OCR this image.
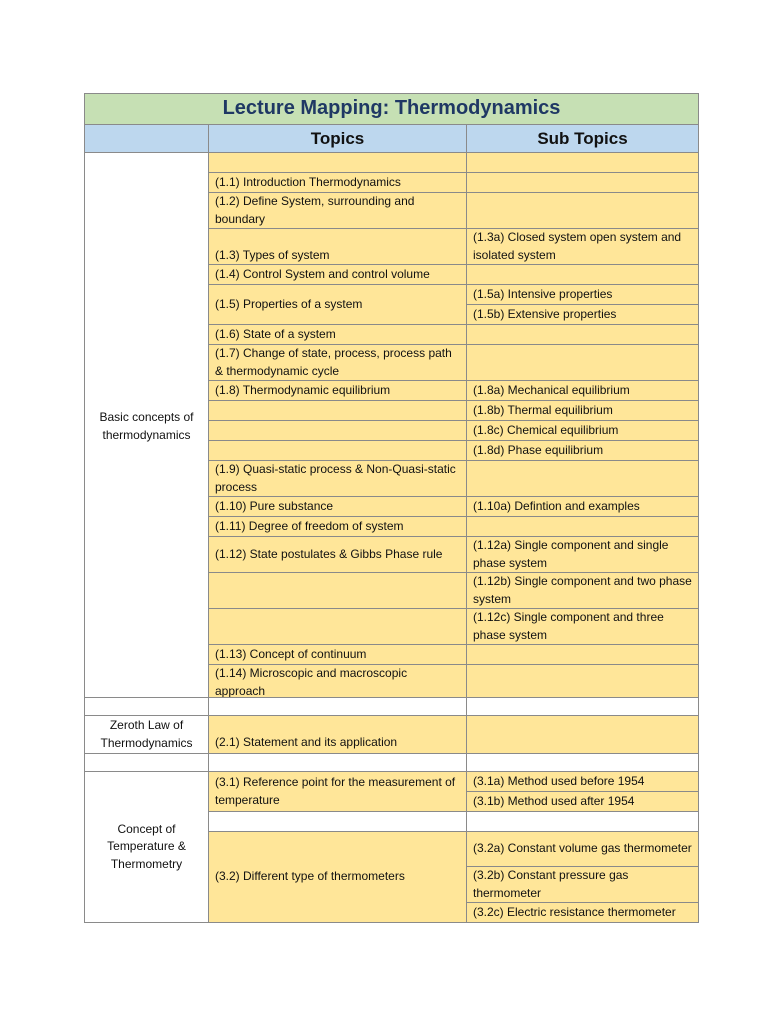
Lecture Mapping: Thermodynamics		
	Topics	Sub Topics
Basic concepts of thermodynamics		
	(1.1) Introduction Thermodynamics	
	(1.2) Define System, surrounding and boundary	
	(1.3) Types of system	(1.3a) Closed system open system and isolated system
	(1.4) Control System and control volume	
	(1.5) Properties of a system	(1.5a) Intensive properties
		(1.5b) Extensive properties
	(1.6) State of a system	
	(1.7) Change of state, process, process path & thermodynamic cycle	
	(1.8) Thermodynamic equilibrium	(1.8a) Mechanical equilibrium
		(1.8b) Thermal equilibrium
		(1.8c) Chemical equilibrium
		(1.8d) Phase equilibrium
	(1.9) Quasi-static process & Non-Quasi-static process	
	(1.10) Pure substance	(1.10a) Defintion and examples
	(1.11) Degree of freedom of system	
	(1.12) State postulates & Gibbs Phase rule	(1.12a) Single component and single phase system
		(1.12b) Single component and two phase system
		(1.12c) Single component and three phase system
	(1.13) Concept of continuum	
	(1.14) Microscopic and macroscopic approach	

Zeroth Law of Thermodynamics	(2.1) Statement and its application	

Concept of Temperature & Thermometry	(3.1) Reference point for the measurement of temperature	(3.1a) Method used before 1954
		(3.1b) Method used after 1954

	(3.2) Different type of thermometers	(3.2a) Constant volume gas thermometer
		(3.2b) Constant pressure gas thermometer
		(3.2c) Electric resistance thermometer
